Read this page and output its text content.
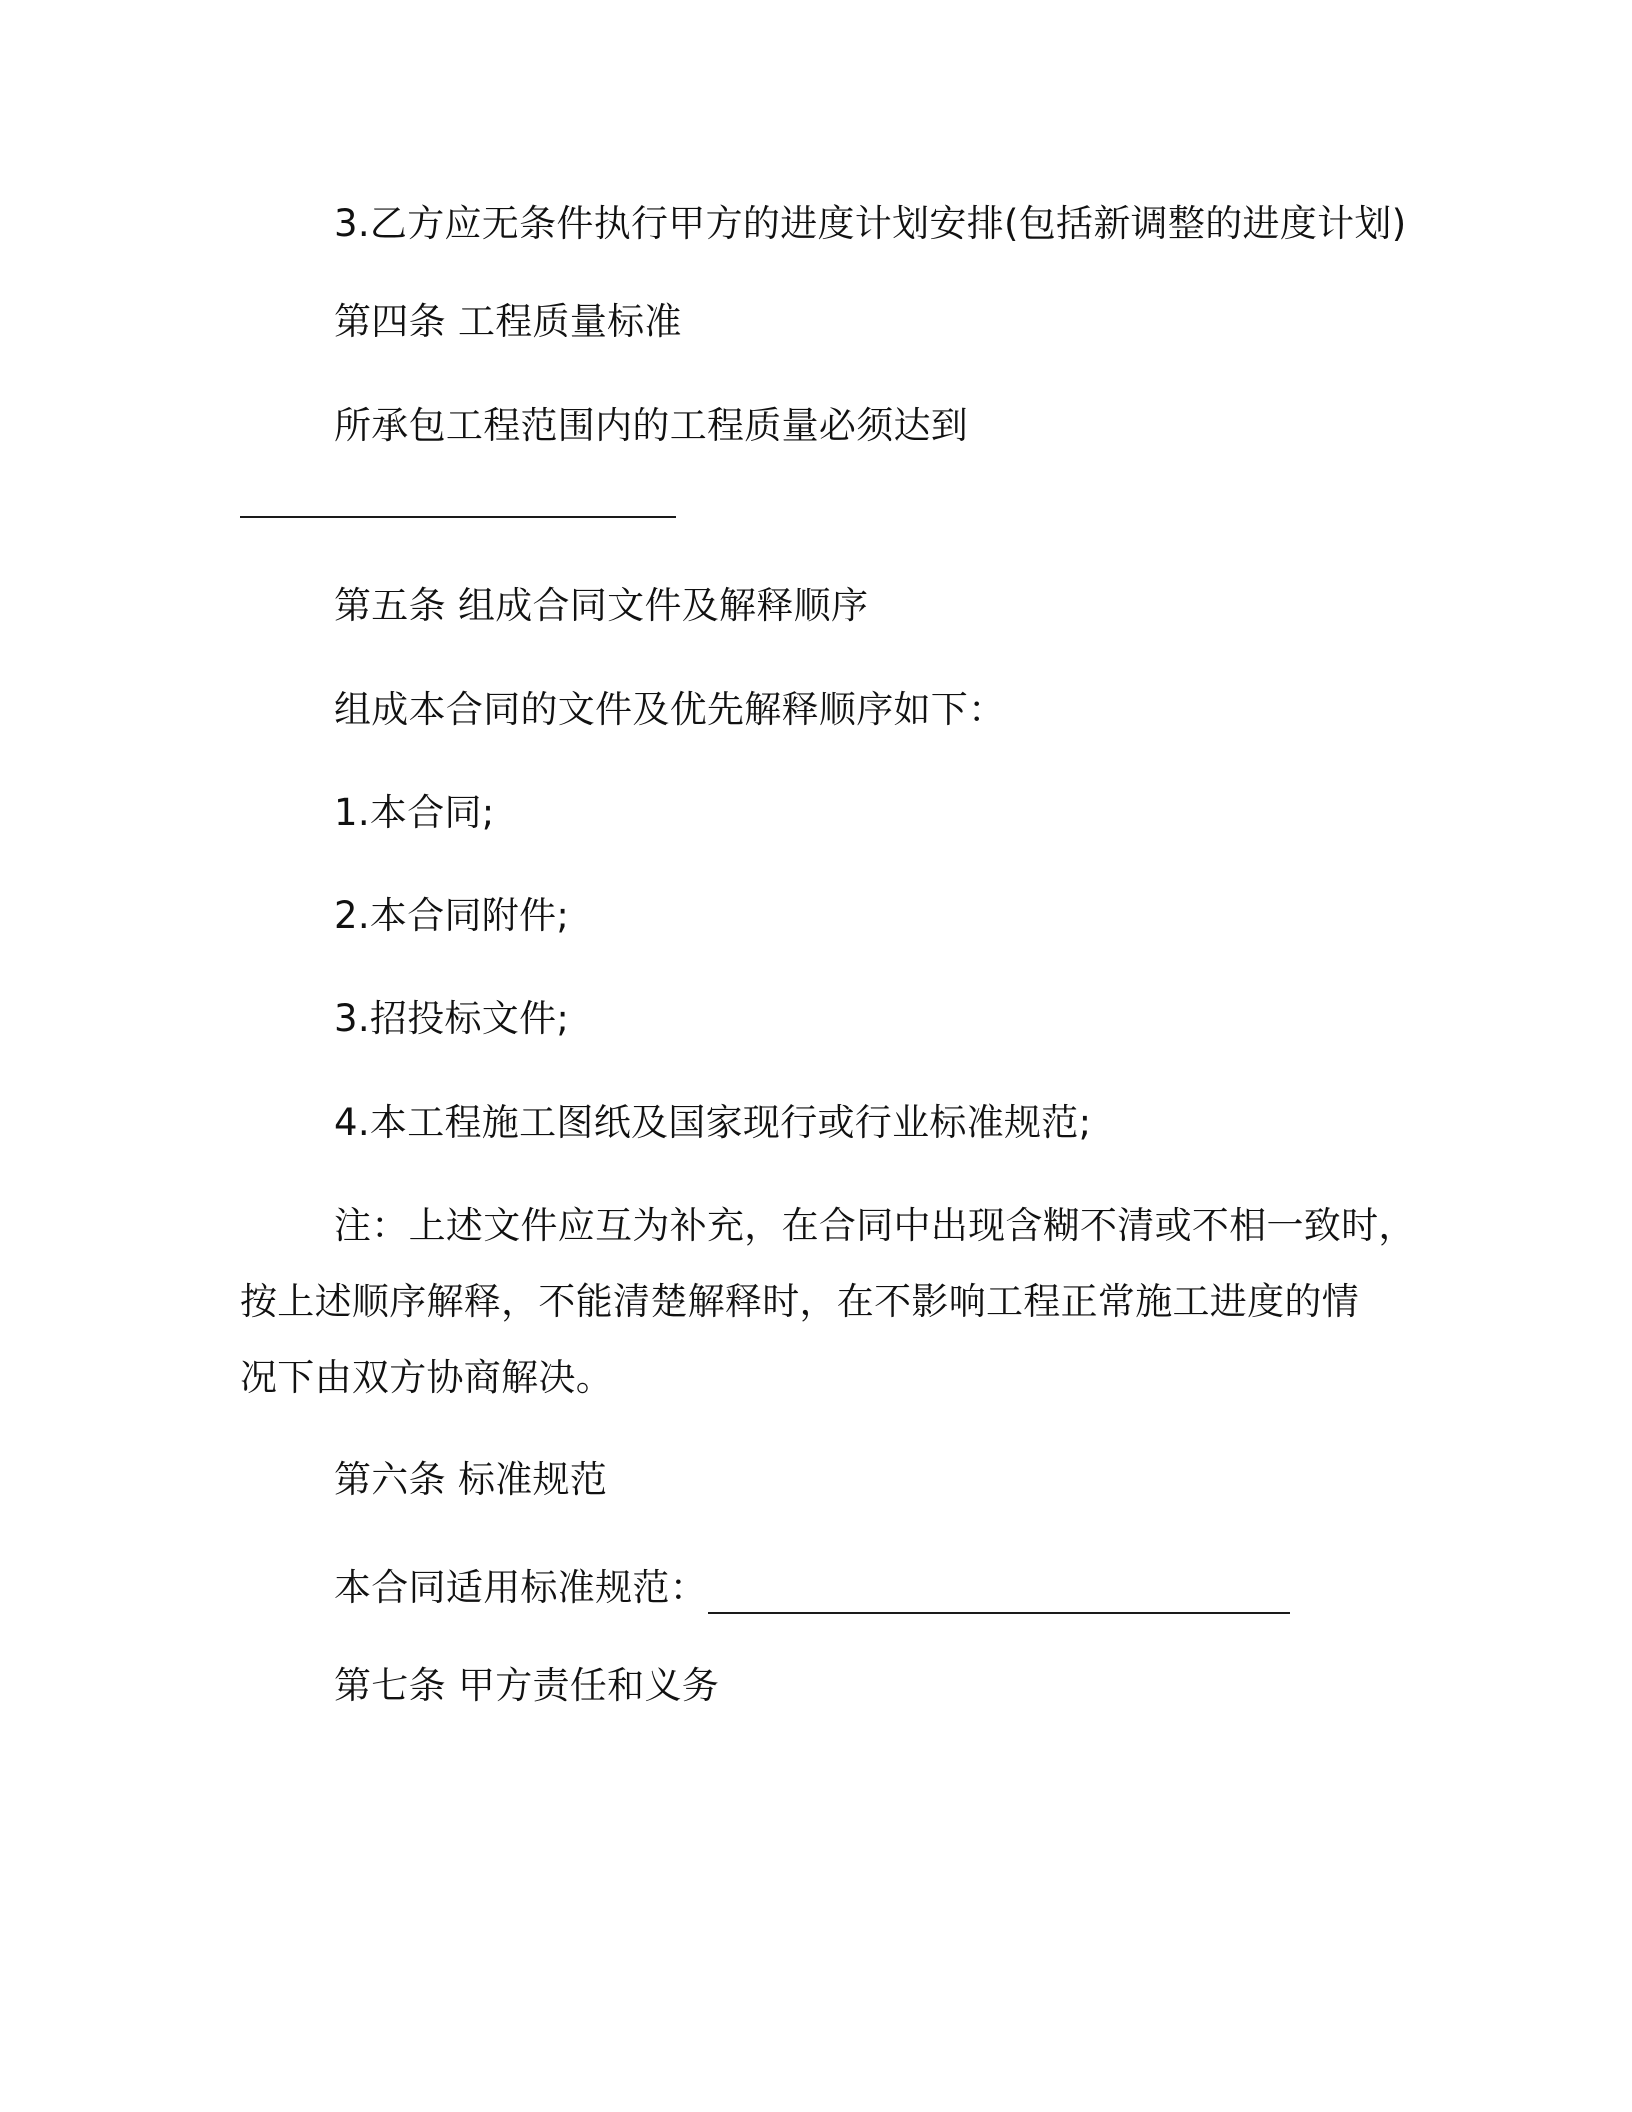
3.乙方应无条件执行甲方的进度计划安排(包括新调整的进度计划)
第四条 工程质量标准
所承包工程范围内的工程质量必须达到
第五条 组成合同文件及解释顺序
组成本合同的文件及优先解释顺序如下：
1.本合同;
2.本合同附件;
3.招投标文件;
4.本工程施工图纸及国家现行或行业标准规范;
注：上述文件应互为补充，在合同中出现含糊不清或不相一致时，
按上述顺序解释，不能清楚解释时，在不影响工程正常施工进度的情
况下由双方协商解决。
第六条 标准规范
本合同适用标准规范：
第七条 甲方责任和义务
